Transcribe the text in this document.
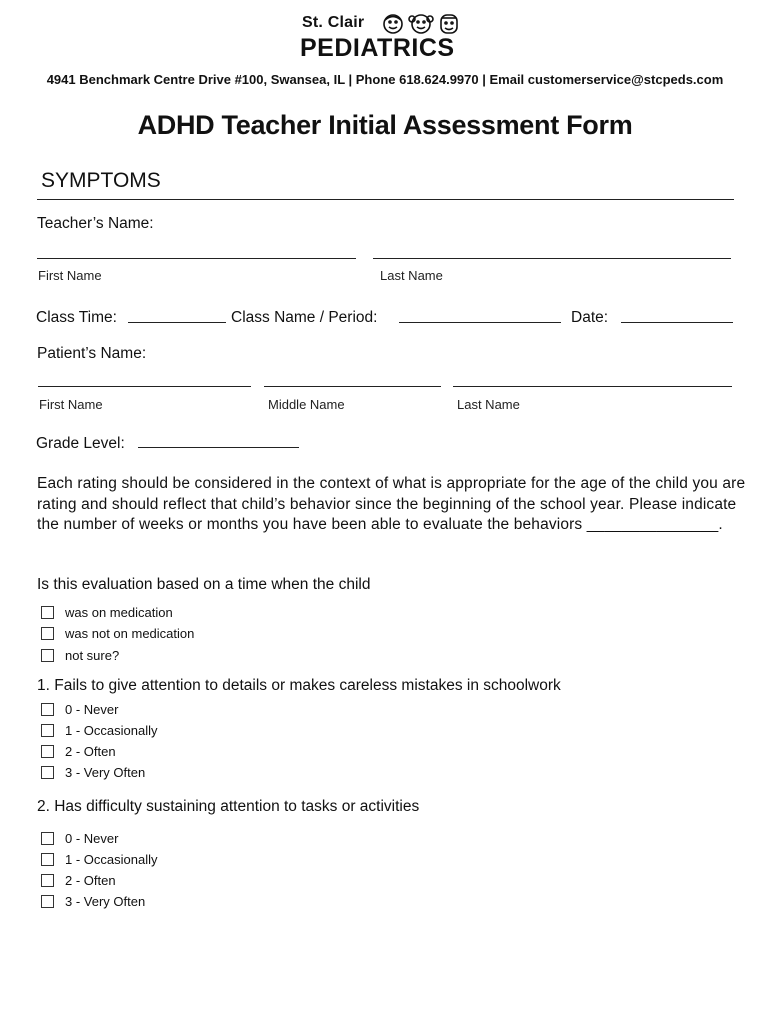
St. Clair
PEDIATRICS
4941 Benchmark Centre Drive #100, Swansea, IL | Phone 618.624.9970 | Email customerservice@stcpeds.com
ADHD Teacher Initial Assessment Form
SYMPTOMS
Teacher’s Name:
First Name	Last Name
Class Time:	Class Name / Period:	Date:
Patient’s Name:
First Name	Middle Name	Last Name
Grade Level:
Each rating should be considered in the context of what is appropriate for the age of the child you are rating and should reflect that child’s behavior since the beginning of the school year. Please indicate the number of weeks or months you have been able to evaluate the behaviors _______________.
Is this evaluation based on a time when the child
was on medication
was not on medication
not sure?
1. Fails to give attention to details or makes careless mistakes in schoolwork
0 - Never
1 - Occasionally
2 - Often
3 - Very Often
2. Has difficulty sustaining attention to tasks or activities
0 - Never
1 - Occasionally
2 - Often
3 - Very Often
